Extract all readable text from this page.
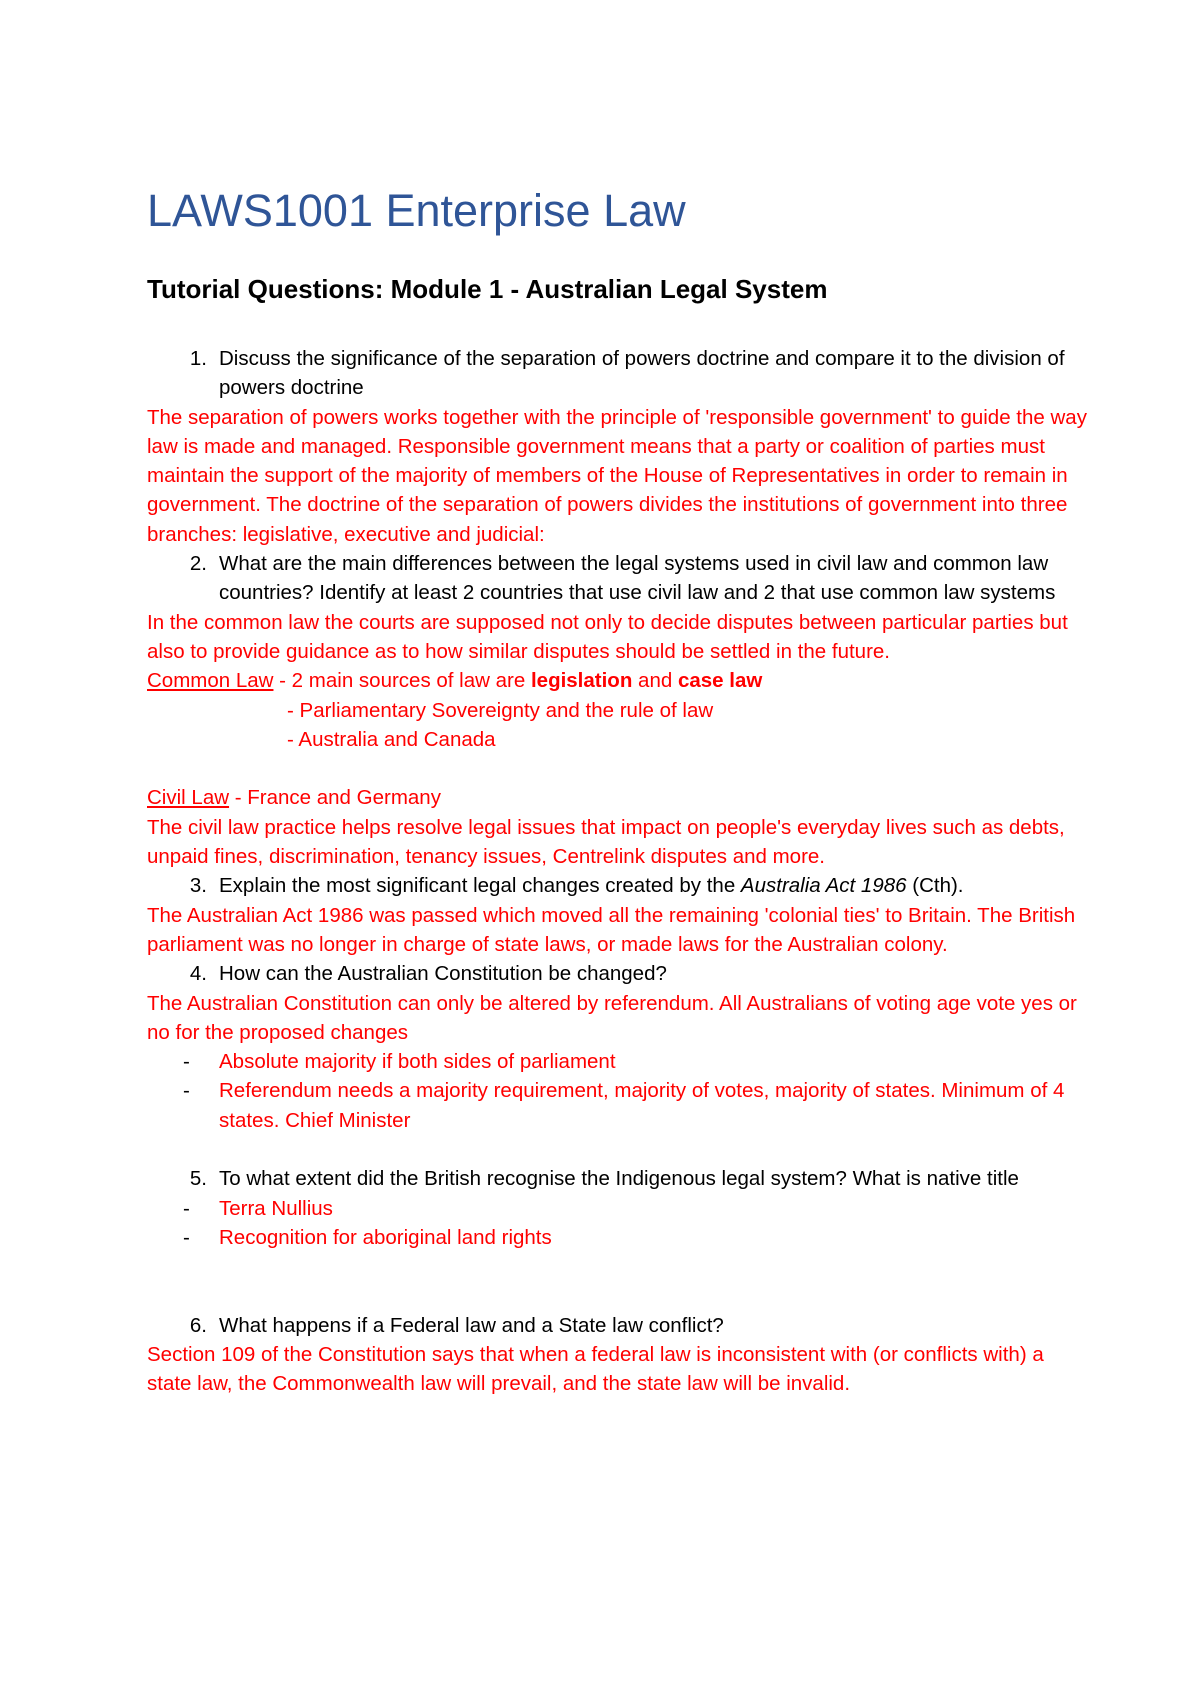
LAWS1001 Enterprise Law
Tutorial Questions: Module 1 - Australian Legal System
1. Discuss the significance of the separation of powers doctrine and compare it to the division of powers doctrine
The separation of powers works together with the principle of 'responsible government' to guide the way law is made and managed. Responsible government means that a party or coalition of parties must maintain the support of the majority of members of the House of Representatives in order to remain in government. The doctrine of the separation of powers divides the institutions of government into three branches: legislative, executive and judicial:
2. What are the main differences between the legal systems used in civil law and common law countries? Identify at least 2 countries that use civil law and 2 that use common law systems
In the common law the courts are supposed not only to decide disputes between particular parties but also to provide guidance as to how similar disputes should be settled in the future.
Common Law - 2 main sources of law are legislation and case law
- Parliamentary Sovereignty and the rule of law
- Australia and Canada
Civil Law - France and Germany
The civil law practice helps resolve legal issues that impact on people's everyday lives such as debts, unpaid fines, discrimination, tenancy issues, Centrelink disputes and more.
3. Explain the most significant legal changes created by the Australia Act 1986 (Cth).
The Australian Act 1986 was passed which moved all the remaining 'colonial ties' to Britain. The British parliament was no longer in charge of state laws, or made laws for the Australian colony.
4. How can the Australian Constitution be changed?
The Australian Constitution can only be altered by referendum. All Australians of voting age vote yes or no for the proposed changes
-	Absolute majority if both sides of parliament
-	Referendum needs a majority requirement, majority of votes, majority of states. Minimum of 4 states. Chief Minister
5. To what extent did the British recognise the Indigenous legal system? What is native title
-	Terra Nullius
-	Recognition for aboriginal land rights
6. What happens if a Federal law and a State law conflict?
Section 109 of the Constitution says that when a federal law is inconsistent with (or conflicts with) a state law, the Commonwealth law will prevail, and the state law will be invalid.
